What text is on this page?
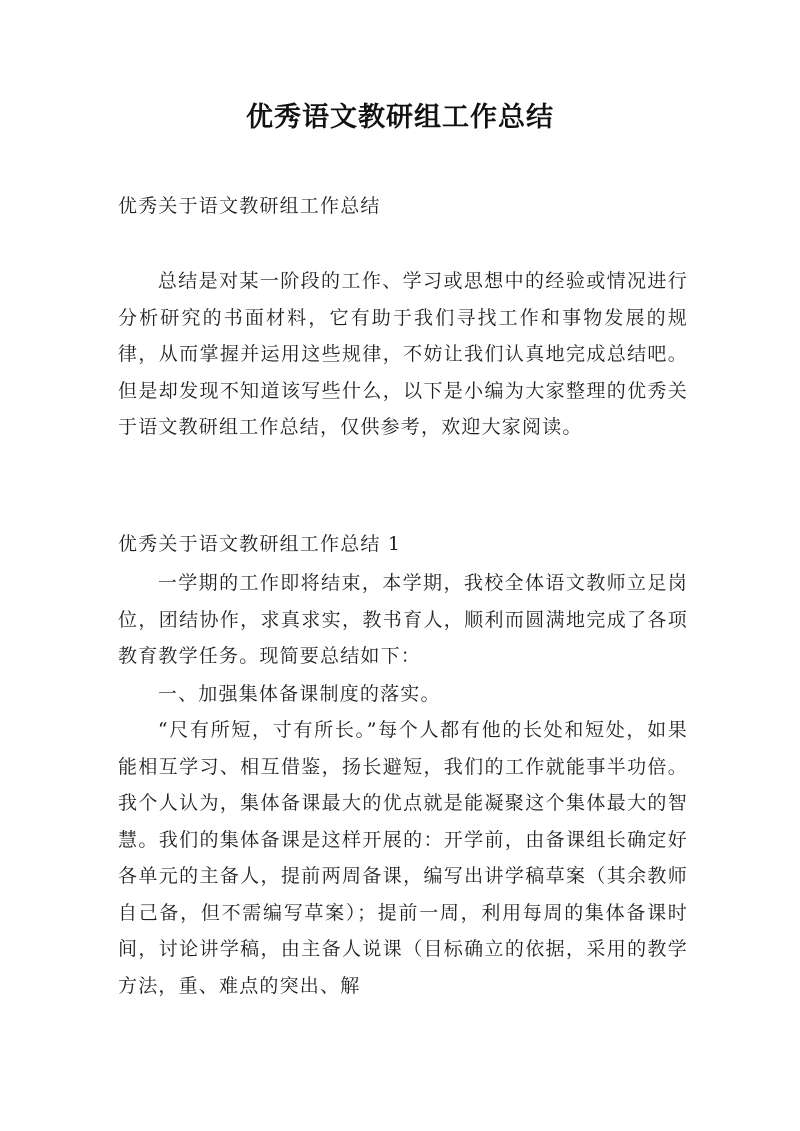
优秀语文教研组工作总结
优秀关于语文教研组工作总结
总结是对某一阶段的工作、学习或思想中的经验或情况进行分析研究的书面材料，它有助于我们寻找工作和事物发展的规律，从而掌握并运用这些规律，不妨让我们认真地完成总结吧。但是却发现不知道该写些什么，以下是小编为大家整理的优秀关于语文教研组工作总结，仅供参考，欢迎大家阅读。
优秀关于语文教研组工作总结 1
一学期的工作即将结束，本学期，我校全体语文教师立足岗位，团结协作，求真求实，教书育人，顺利而圆满地完成了各项教育教学任务。现简要总结如下：
一、加强集体备课制度的落实。
“尺有所短，寸有所长。”每个人都有他的长处和短处，如果能相互学习、相互借鉴，扬长避短，我们的工作就能事半功倍。我个人认为，集体备课最大的优点就是能凝聚这个集体最大的智慧。我们的集体备课是这样开展的：开学前，由备课组长确定好各单元的主备人，提前两周备课，编写出讲学稿草案（其余教师自己备，但不需编写草案）；提前一周，利用每周的集体备课时间，讨论讲学稿，由主备人说课（目标确立的依据，采用的教学方法，重、难点的突出、解
